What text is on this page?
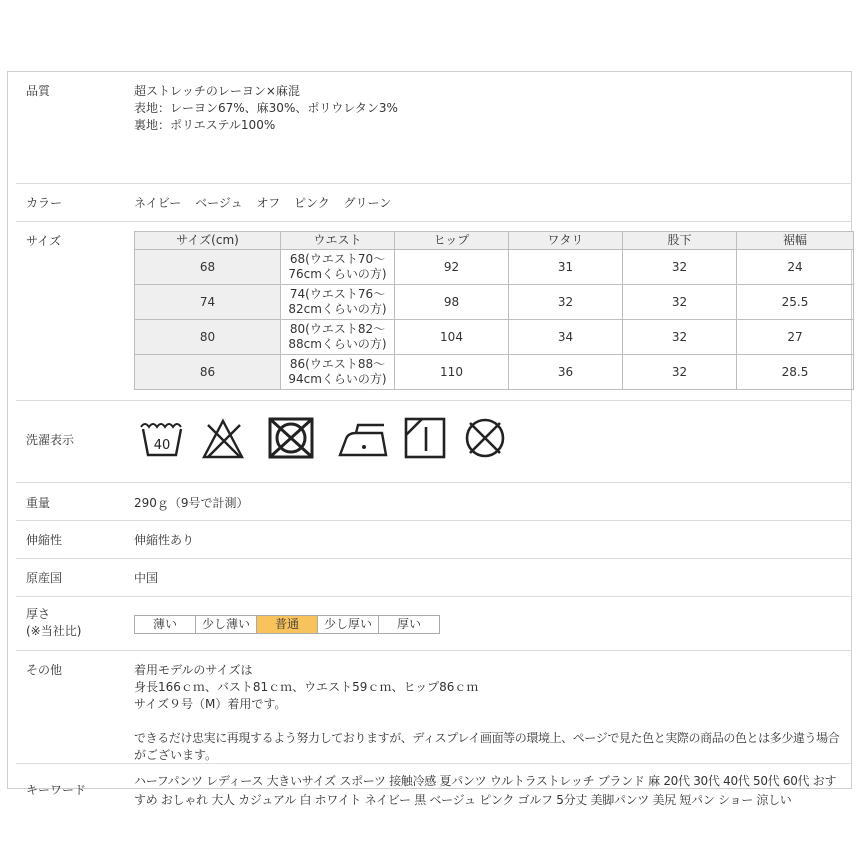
品質	超ストレッチのレーヨン×麻混
表地：レーヨン67%、麻30%、ポリウレタン3%
裏地：ポリエステル100%
カラー	ネイビー ベージュ オフ ピンク グリーン
サイズ	サイズ(cm)	ウエスト	ヒップ	ワタリ	股下	裾幅
68	68(ウエスト70～
76cmくらいの方)	92	31	32	24
74	74(ウエスト76～
82cmくらいの方)	98	32	32	25.5
80	80(ウエスト82～
88cmくらいの方)	104	34	32	27
86	86(ウエスト88～
94cmくらいの方)	110	36	32	28.5
洗濯表示	40
重量	290ｇ（9号で計測）
伸縮性	伸縮性あり
原産国	中国
厚さ
(※当社比)	薄い	少し薄い	普通	少し厚い	厚い
その他	着用モデルのサイズは
身長166ｃｍ、バスト81ｃｍ、ウエスト59ｃｍ、ヒップ86ｃｍ
サイズ９号（M）着用です。
できるだけ忠実に再現するよう努力しておりますが、ディスプレイ画面等の環境上、ページで見た色と実際の商品の色とは多少違う場合
がございます。
キーワード
ハーフパンツ レディース 大きいサイズ スポーツ 接触冷感 夏パンツ ウルトラストレッチ ブランド 麻 20代 30代 40代 50代 60代 おすすめ おしゃれ 大人 カジュアル 白 ホワイト ネイビー 黒 ベージュ ピンク ゴルフ 5分丈 美脚パンツ 美尻 短パン ショー 涼しい
